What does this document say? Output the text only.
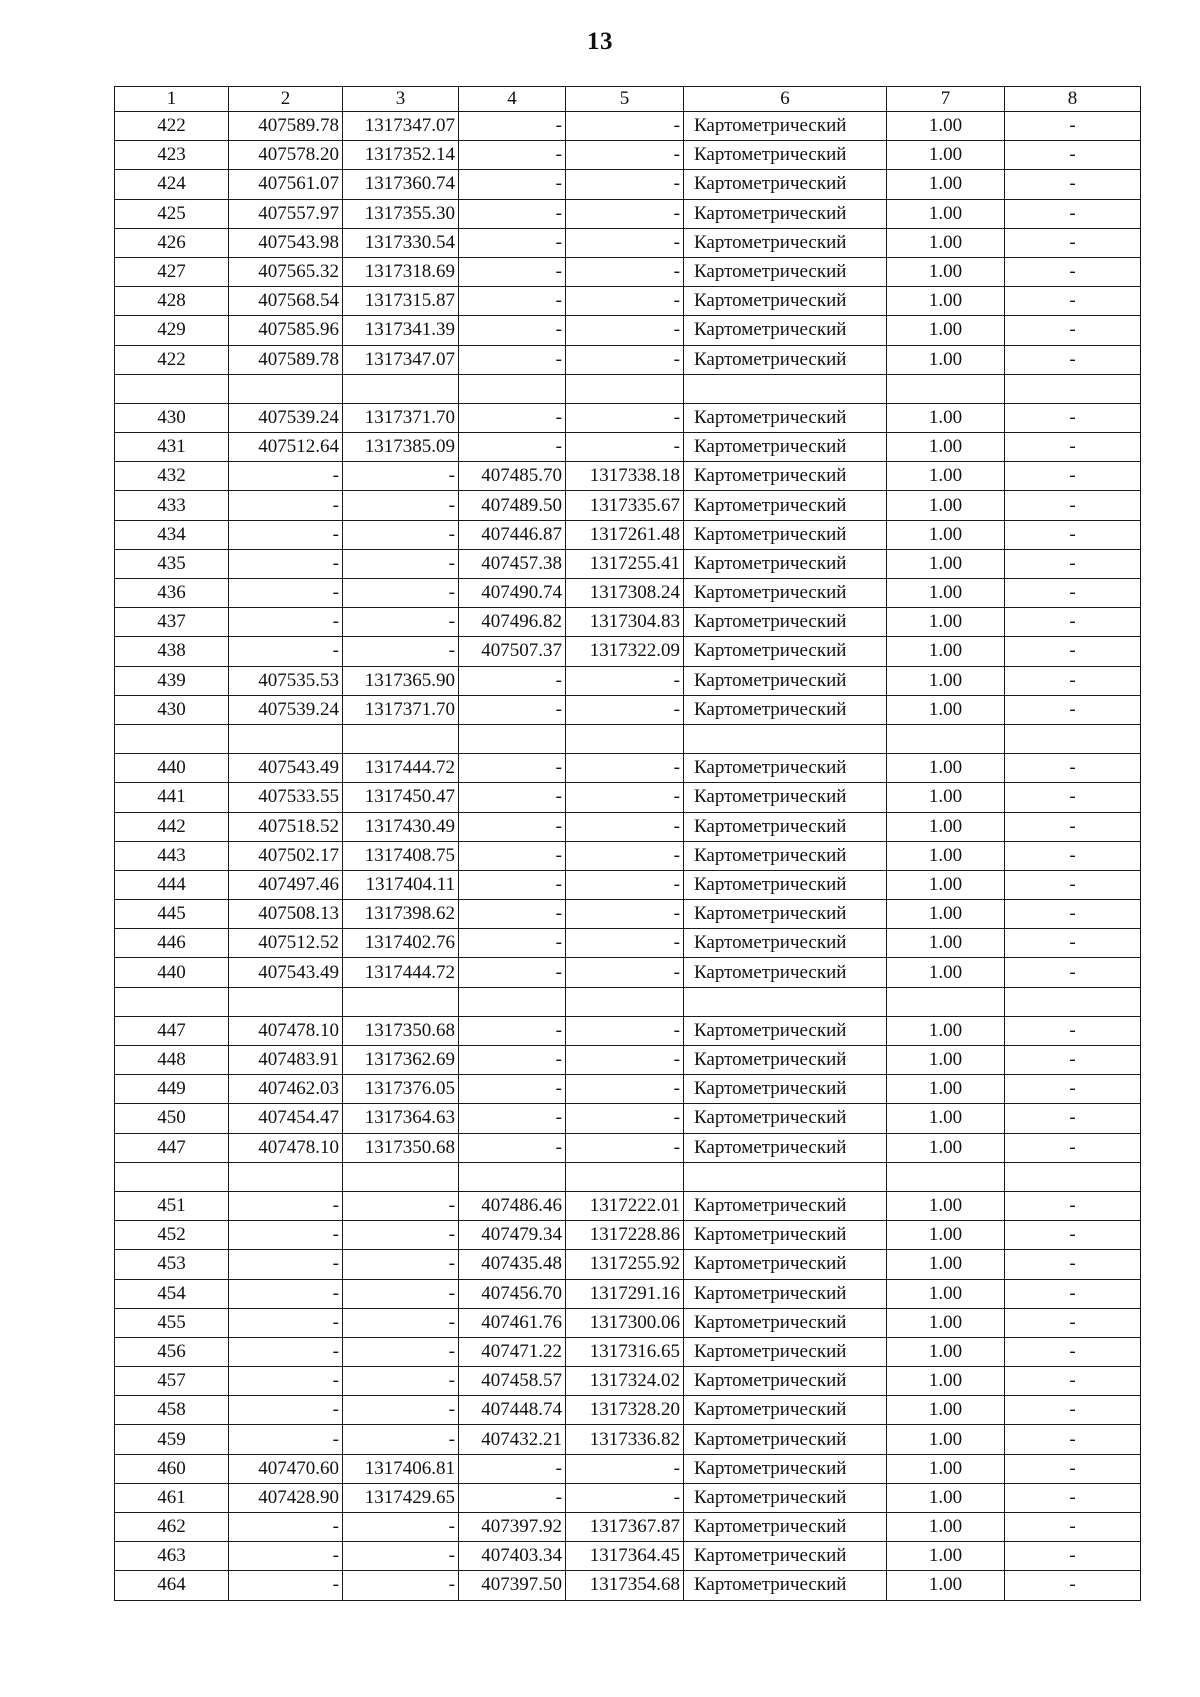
13
1	2	3	4	5	6	7	8
422	407589.78	1317347.07	-	-	Картометрический	1.00	-
423	407578.20	1317352.14	-	-	Картометрический	1.00	-
424	407561.07	1317360.74	-	-	Картометрический	1.00	-
425	407557.97	1317355.30	-	-	Картометрический	1.00	-
426	407543.98	1317330.54	-	-	Картометрический	1.00	-
427	407565.32	1317318.69	-	-	Картометрический	1.00	-
428	407568.54	1317315.87	-	-	Картометрический	1.00	-
429	407585.96	1317341.39	-	-	Картометрический	1.00	-
422	407589.78	1317347.07	-	-	Картометрический	1.00	-

430	407539.24	1317371.70	-	-	Картометрический	1.00	-
431	407512.64	1317385.09	-	-	Картометрический	1.00	-
432	-	-	407485.70	1317338.18	Картометрический	1.00	-
433	-	-	407489.50	1317335.67	Картометрический	1.00	-
434	-	-	407446.87	1317261.48	Картометрический	1.00	-
435	-	-	407457.38	1317255.41	Картометрический	1.00	-
436	-	-	407490.74	1317308.24	Картометрический	1.00	-
437	-	-	407496.82	1317304.83	Картометрический	1.00	-
438	-	-	407507.37	1317322.09	Картометрический	1.00	-
439	407535.53	1317365.90	-	-	Картометрический	1.00	-
430	407539.24	1317371.70	-	-	Картометрический	1.00	-

440	407543.49	1317444.72	-	-	Картометрический	1.00	-
441	407533.55	1317450.47	-	-	Картометрический	1.00	-
442	407518.52	1317430.49	-	-	Картометрический	1.00	-
443	407502.17	1317408.75	-	-	Картометрический	1.00	-
444	407497.46	1317404.11	-	-	Картометрический	1.00	-
445	407508.13	1317398.62	-	-	Картометрический	1.00	-
446	407512.52	1317402.76	-	-	Картометрический	1.00	-
440	407543.49	1317444.72	-	-	Картометрический	1.00	-

447	407478.10	1317350.68	-	-	Картометрический	1.00	-
448	407483.91	1317362.69	-	-	Картометрический	1.00	-
449	407462.03	1317376.05	-	-	Картометрический	1.00	-
450	407454.47	1317364.63	-	-	Картометрический	1.00	-
447	407478.10	1317350.68	-	-	Картометрический	1.00	-

451	-	-	407486.46	1317222.01	Картометрический	1.00	-
452	-	-	407479.34	1317228.86	Картометрический	1.00	-
453	-	-	407435.48	1317255.92	Картометрический	1.00	-
454	-	-	407456.70	1317291.16	Картометрический	1.00	-
455	-	-	407461.76	1317300.06	Картометрический	1.00	-
456	-	-	407471.22	1317316.65	Картометрический	1.00	-
457	-	-	407458.57	1317324.02	Картометрический	1.00	-
458	-	-	407448.74	1317328.20	Картометрический	1.00	-
459	-	-	407432.21	1317336.82	Картометрический	1.00	-
460	407470.60	1317406.81	-	-	Картометрический	1.00	-
461	407428.90	1317429.65	-	-	Картометрический	1.00	-
462	-	-	407397.92	1317367.87	Картометрический	1.00	-
463	-	-	407403.34	1317364.45	Картометрический	1.00	-
464	-	-	407397.50	1317354.68	Картометрический	1.00	-
